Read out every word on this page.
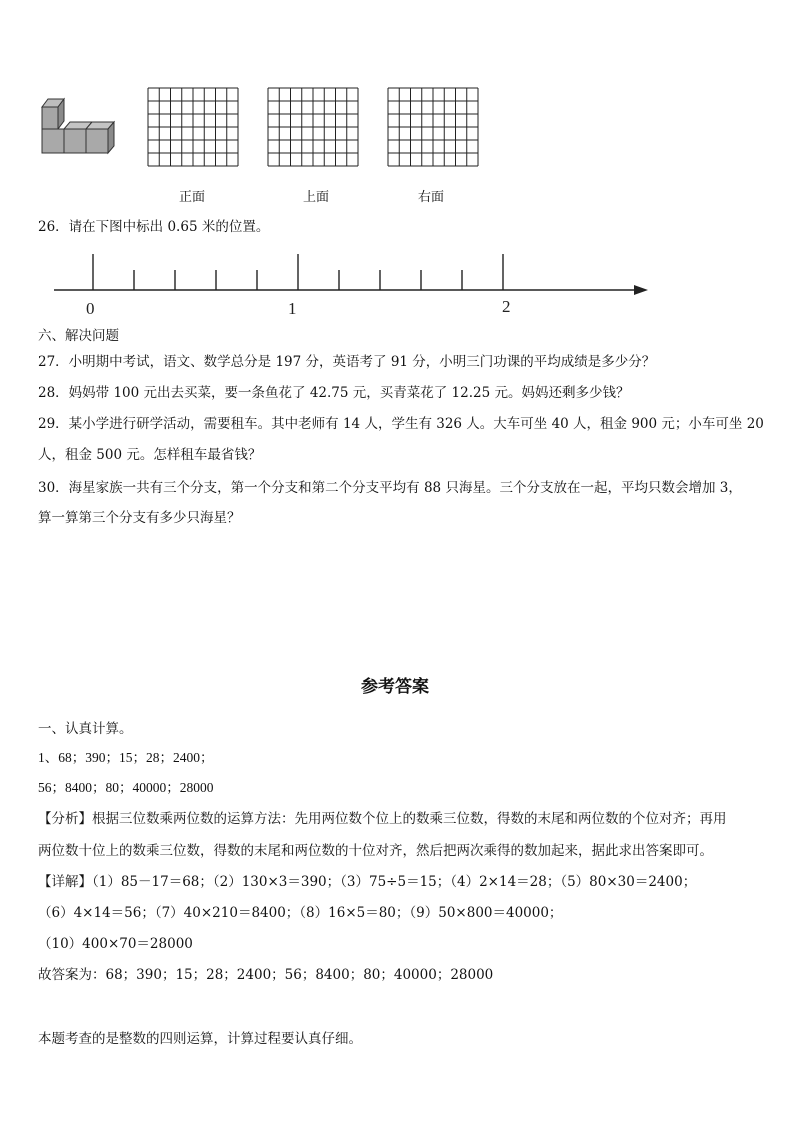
正面	上面	右面
26．请在下图中标出 0.65 米的位置。
0	1	2
六、解决问题
27．小明期中考试，语文、数学总分是 197 分，英语考了 91 分，小明三门功课的平均成绩是多少分？
28．妈妈带 100 元出去买菜，要一条鱼花了 42.75 元，买青菜花了 12.25 元。妈妈还剩多少钱？
29．某小学进行研学活动，需要租车。其中老师有 14 人，学生有 326 人。大车可坐 40 人，租金 900 元；小车可坐 20
人，租金 500 元。怎样租车最省钱？
30．海星家族一共有三个分支，第一个分支和第二个分支平均有 88 只海星。三个分支放在一起，平均只数会增加 3，
算一算第三个分支有多少只海星？
参考答案
一、认真计算。
1、68；390；15；28；2400；
56；8400；80；40000；28000
【分析】根据三位数乘两位数的运算方法：先用两位数个位上的数乘三位数，得数的末尾和两位数的个位对齐；再用
两位数十位上的数乘三位数，得数的末尾和两位数的十位对齐，然后把两次乘得的数加起来，据此求出答案即可。
【详解】（1）85－17＝68；（2）130×3＝390；（3）75÷5＝15；（4）2×14＝28；（5）80×30＝2400；
（6）4×14＝56；（7）40×210＝8400；（8）16×5＝80；（9）50×800＝40000；
（10）400×70＝28000
故答案为：68；390；15；28；2400；56；8400；80；40000；28000
本题考查的是整数的四则运算，计算过程要认真仔细。
